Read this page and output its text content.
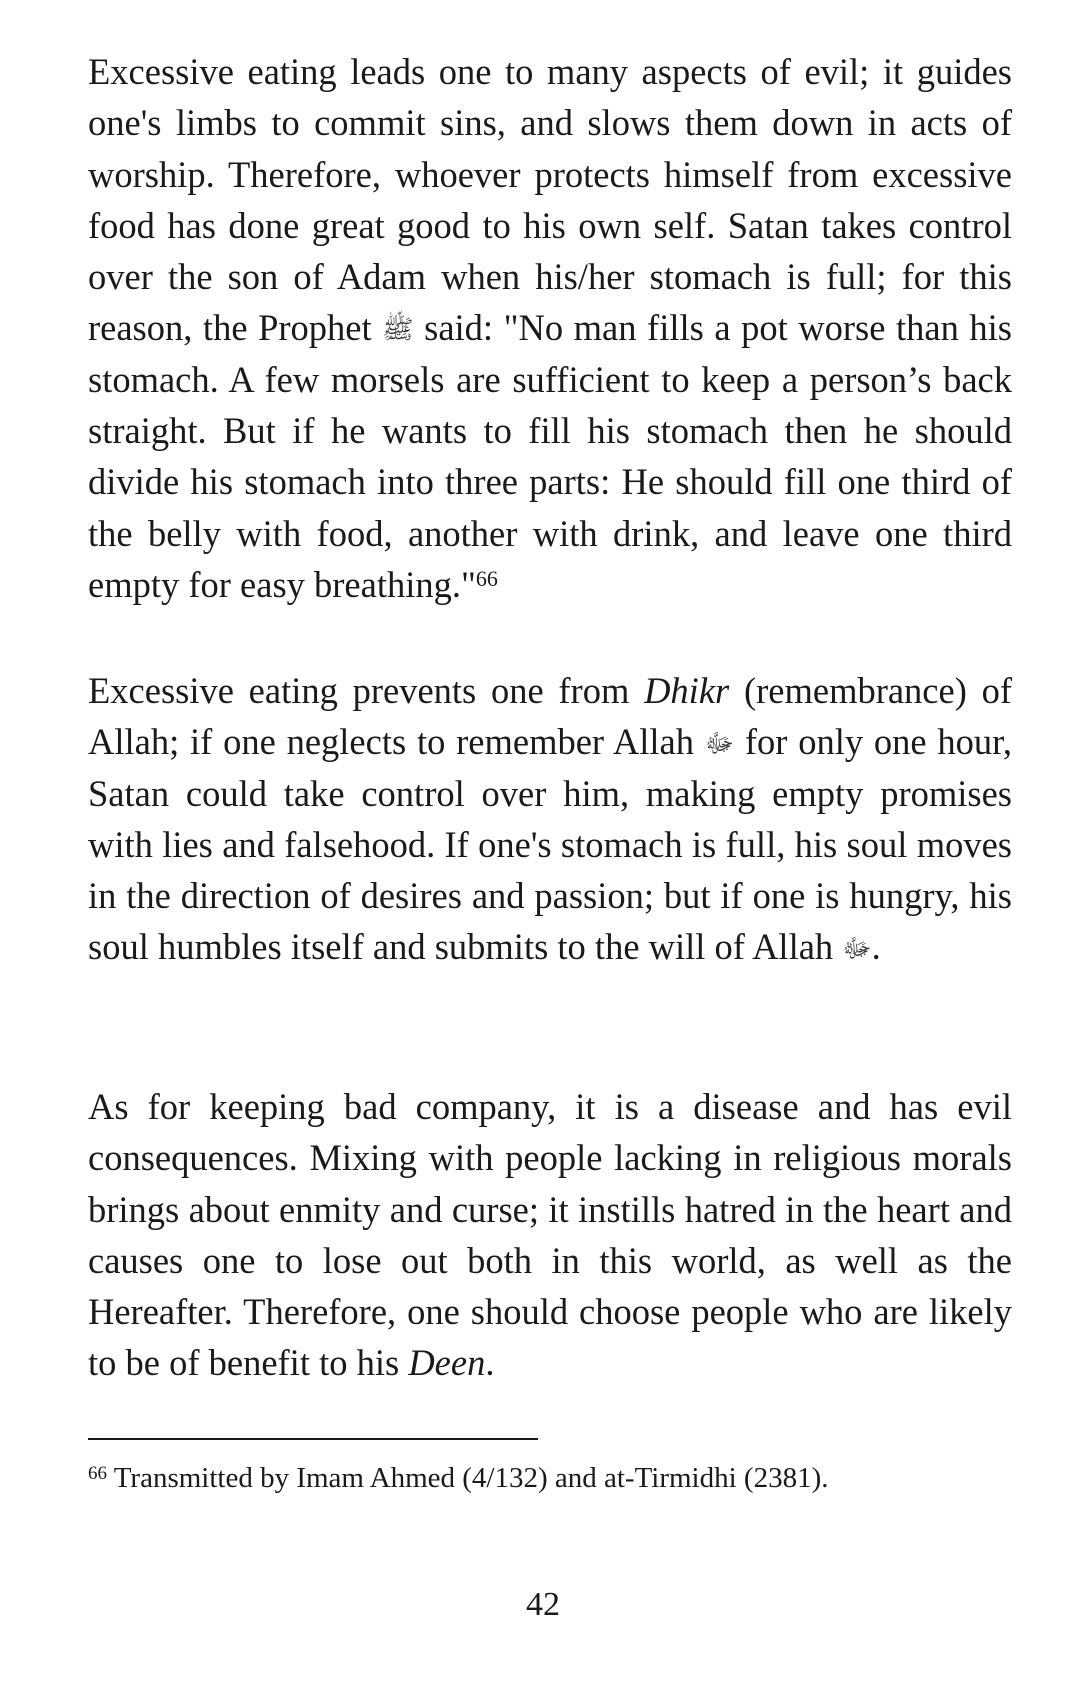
Excessive eating leads one to many aspects of evil; it guides one's limbs to commit sins, and slows them down in acts of worship. Therefore, whoever protects himself from excessive food has done great good to his own self. Satan takes control over the son of Adam when his/her stomach is full; for this reason, the Prophet ﷺ said: "No man fills a pot worse than his stomach. A few morsels are sufficient to keep a person’s back straight. But if he wants to fill his stomach then he should divide his stomach into three parts: He should fill one third of the belly with food, another with drink, and leave one third empty for easy breathing."$^{66}$

Excessive eating prevents one from Dhikr (remembrance) of Allah; if one neglects to remember Allah ﷻ for only one hour, Satan could take control over him, making empty promises with lies and falsehood. If one's stomach is full, his soul moves in the direction of desires and passion; but if one is hungry, his soul humbles itself and submits to the will of Allah ﷻ.

As for keeping bad company, it is a disease and has evil consequences. Mixing with people lacking in religious morals brings about enmity and curse; it instills hatred in the heart and causes one to lose out both in this world, as well as the Hereafter. Therefore, one should choose people who are likely to be of benefit to his Deen.

$^{66}$ Transmitted by Imam Ahmed (4/132) and at-Tirmidhi (2381).

42
